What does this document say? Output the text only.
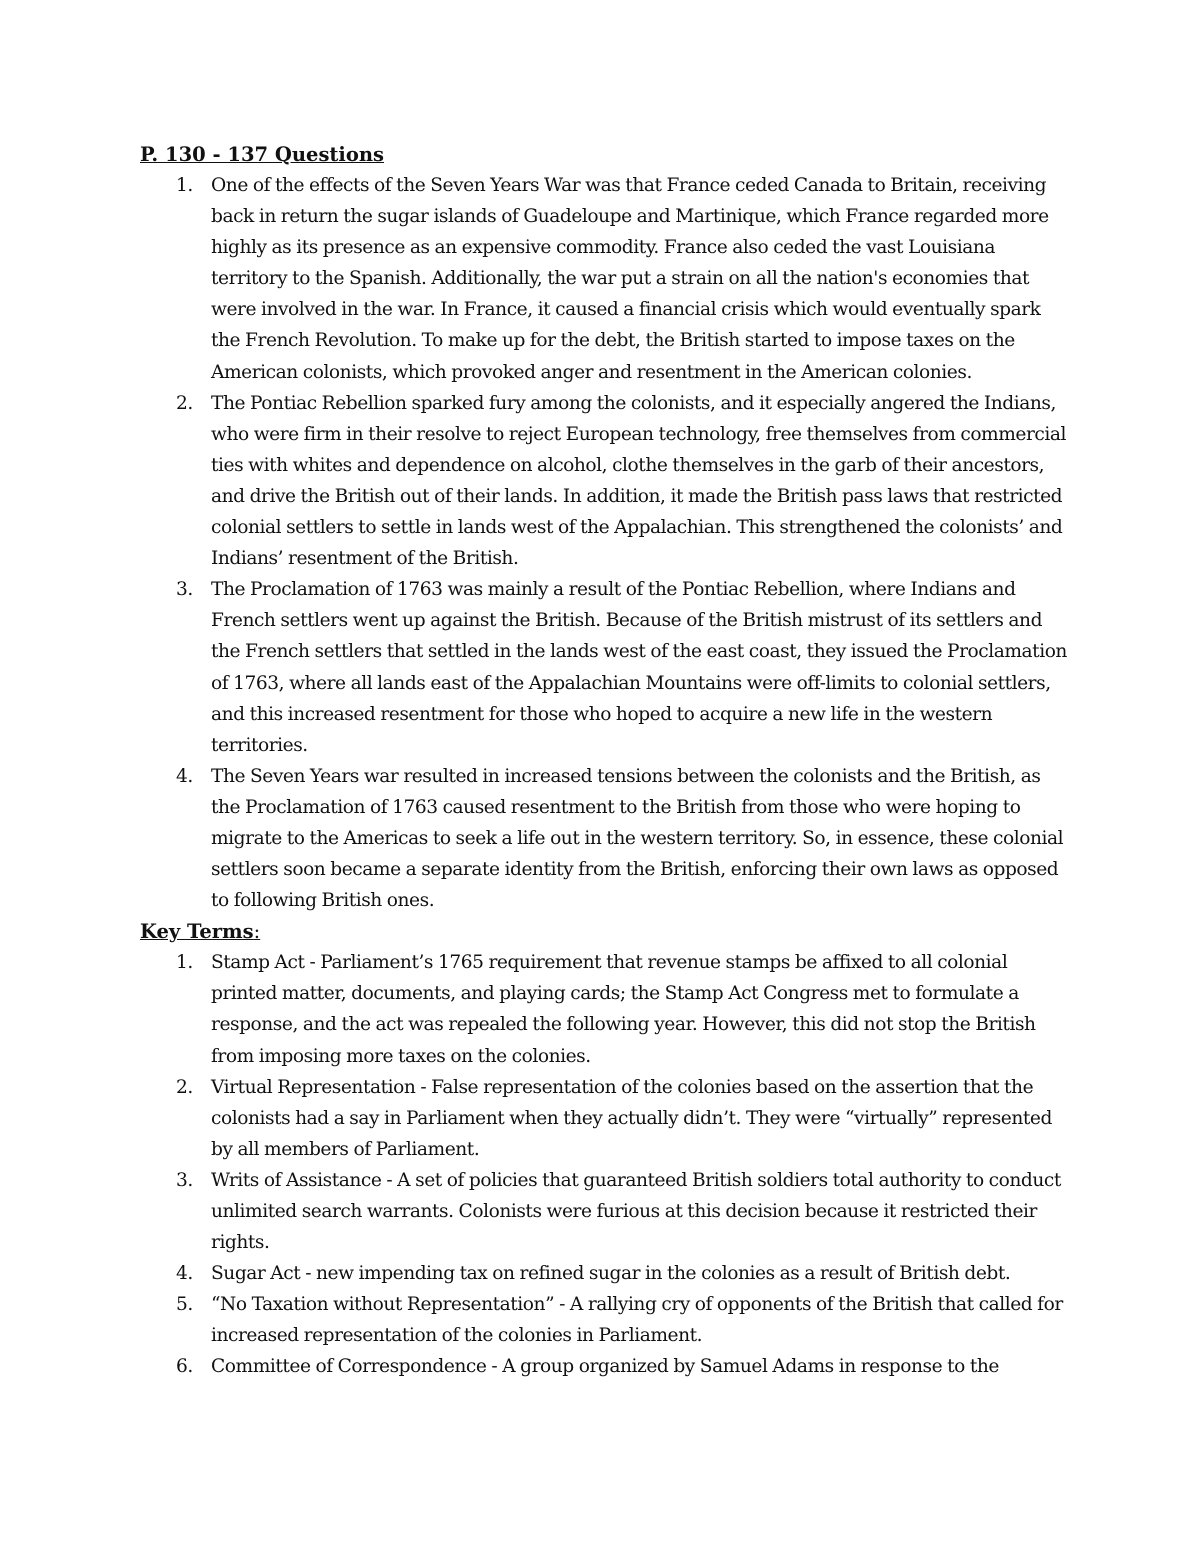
P. 130 - 137 Questions
1. One of the effects of the Seven Years War was that France ceded Canada to Britain, receiving back in return the sugar islands of Guadeloupe and Martinique, which France regarded more highly as its presence as an expensive commodity. France also ceded the vast Louisiana territory to the Spanish. Additionally, the war put a strain on all the nation's economies that were involved in the war. In France, it caused a financial crisis which would eventually spark the French Revolution. To make up for the debt, the British started to impose taxes on the American colonists, which provoked anger and resentment in the American colonies.
2. The Pontiac Rebellion sparked fury among the colonists, and it especially angered the Indians, who were firm in their resolve to reject European technology, free themselves from commercial ties with whites and dependence on alcohol, clothe themselves in the garb of their ancestors, and drive the British out of their lands. In addition, it made the British pass laws that restricted colonial settlers to settle in lands west of the Appalachian. This strengthened the colonists’ and Indians’ resentment of the British.
3. The Proclamation of 1763 was mainly a result of the Pontiac Rebellion, where Indians and French settlers went up against the British. Because of the British mistrust of its settlers and the French settlers that settled in the lands west of the east coast, they issued the Proclamation of 1763, where all lands east of the Appalachian Mountains were off-limits to colonial settlers, and this increased resentment for those who hoped to acquire a new life in the western territories.
4. The Seven Years war resulted in increased tensions between the colonists and the British, as the Proclamation of 1763 caused resentment to the British from those who were hoping to migrate to the Americas to seek a life out in the western territory. So, in essence, these colonial settlers soon became a separate identity from the British, enforcing their own laws as opposed to following British ones.
Key Terms:
1. Stamp Act - Parliament’s 1765 requirement that revenue stamps be affixed to all colonial printed matter, documents, and playing cards; the Stamp Act Congress met to formulate a response, and the act was repealed the following year. However, this did not stop the British from imposing more taxes on the colonies.
2. Virtual Representation - False representation of the colonies based on the assertion that the colonists had a say in Parliament when they actually didn’t. They were “virtually” represented by all members of Parliament.
3. Writs of Assistance - A set of policies that guaranteed British soldiers total authority to conduct unlimited search warrants. Colonists were furious at this decision because it restricted their rights.
4. Sugar Act - new impending tax on refined sugar in the colonies as a result of British debt.
5. “No Taxation without Representation” - A rallying cry of opponents of the British that called for increased representation of the colonies in Parliament.
6. Committee of Correspondence - A group organized by Samuel Adams in response to the
